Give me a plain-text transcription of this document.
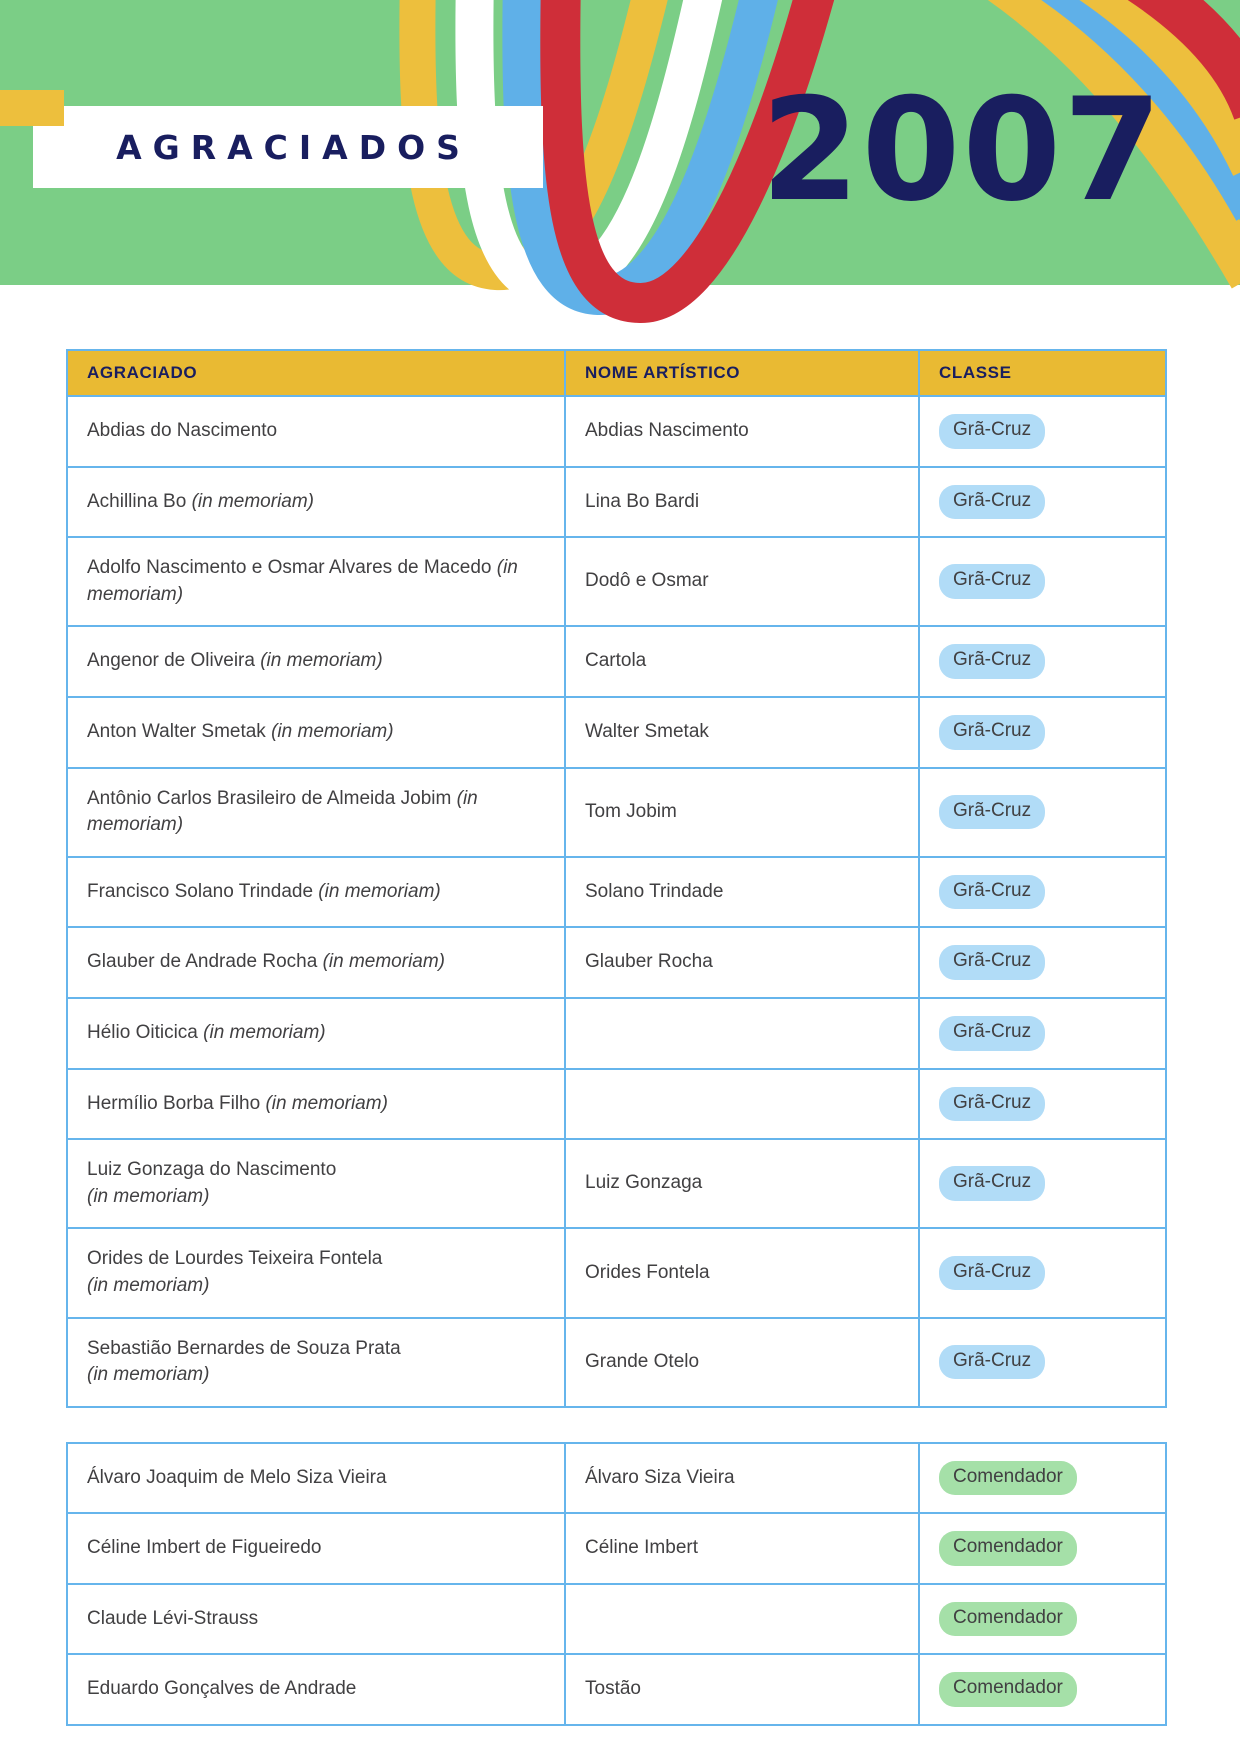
AGRACIADOS 2007
AGRACIADO	NOME ARTÍSTICO	CLASSE
Abdias do Nascimento	Abdias Nascimento	Grã-Cruz
Achillina Bo (in memoriam)	Lina Bo Bardi	Grã-Cruz
Adolfo Nascimento e Osmar Alvares de Macedo (in memoriam)	Dodô e Osmar	Grã-Cruz
Angenor de Oliveira (in memoriam)	Cartola	Grã-Cruz
Anton Walter Smetak (in memoriam)	Walter Smetak	Grã-Cruz
Antônio Carlos Brasileiro de Almeida Jobim (in memoriam)	Tom Jobim	Grã-Cruz
Francisco Solano Trindade (in memoriam)	Solano Trindade	Grã-Cruz
Glauber de Andrade Rocha (in memoriam)	Glauber Rocha	Grã-Cruz
Hélio Oiticica (in memoriam)		Grã-Cruz
Hermílio Borba Filho (in memoriam)		Grã-Cruz
Luiz Gonzaga do Nascimento
(in memoriam)	Luiz Gonzaga	Grã-Cruz
Orides de Lourdes Teixeira Fontela
(in memoriam)	Orides Fontela	Grã-Cruz
Sebastião Bernardes de Souza Prata
(in memoriam)	Grande Otelo	Grã-Cruz
Álvaro Joaquim de Melo Siza Vieira	Álvaro Siza Vieira	Comendador
Céline Imbert de Figueiredo	Céline Imbert	Comendador
Claude Lévi-Strauss		Comendador
Eduardo Gonçalves de Andrade	Tostão	Comendador
